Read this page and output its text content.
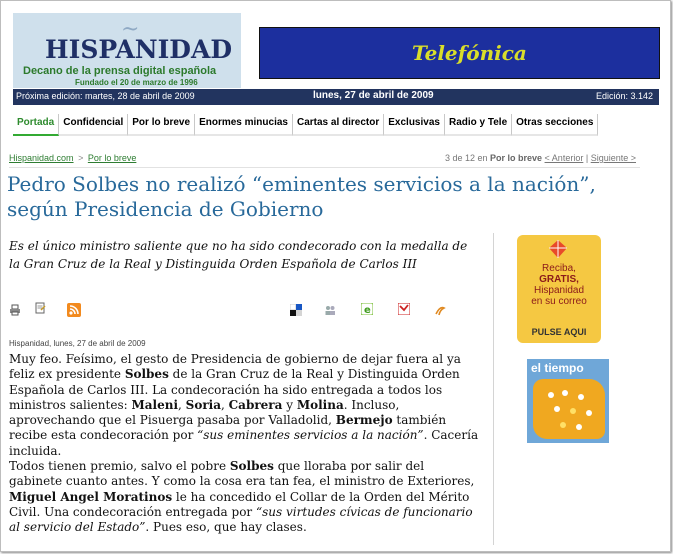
~
HISPANIDAD
Decano de la prensa digital española
Fundado el 20 de marzo de 1996
Telefónica
Próxima edición: martes, 28 de abril de 2009	lunes, 27 de abril de 2009	Edición: 3.142
Portada Confidencial Por lo breve Enormes minucias Cartas al director Exclusivas Radio y Tele Otras secciones
Hispanidad.com > Por lo breve	3 de 12 en Por lo breve < Anterior | Siguiente >
Pedro Solbes no realizó “eminentes servicios a la nación”, según Presidencia de Gobierno
Es el único ministro saliente que no ha sido condecorado con la medalla de la Gran Cruz de la Real y Distinguida Orden Española de Carlos III
e
Hispanidad, lunes, 27 de abril de 2009
Muy feo. Feísimo, el gesto de Presidencia de gobierno de dejar fuera al ya feliz ex presidente Solbes de la Gran Cruz de la Real y Distinguida Orden Española de Carlos III. La condecoración ha sido entregada a todos los ministros salientes: Maleni, Soria, Cabrera y Molina. Incluso, aprovechando que el Pisuerga pasaba por Valladolid, Bermejo también recibe esta condecoración por “sus eminentes servicios a la nación”. Cacería incluida.
Todos tienen premio, salvo el pobre Solbes que lloraba por salir del gabinete cuanto antes. Y como la cosa era tan fea, el ministro de Exteriores, Miguel Angel Moratinos le ha concedido el Collar de la Orden del Mérito Civil. Una condecoración entregada por “sus virtudes cívicas de funcionario al servicio del Estado”. Pues eso, que hay clases.
Reciba,
GRATIS,
Hispanidad
en su correo
PULSE AQUI
el tiempo
